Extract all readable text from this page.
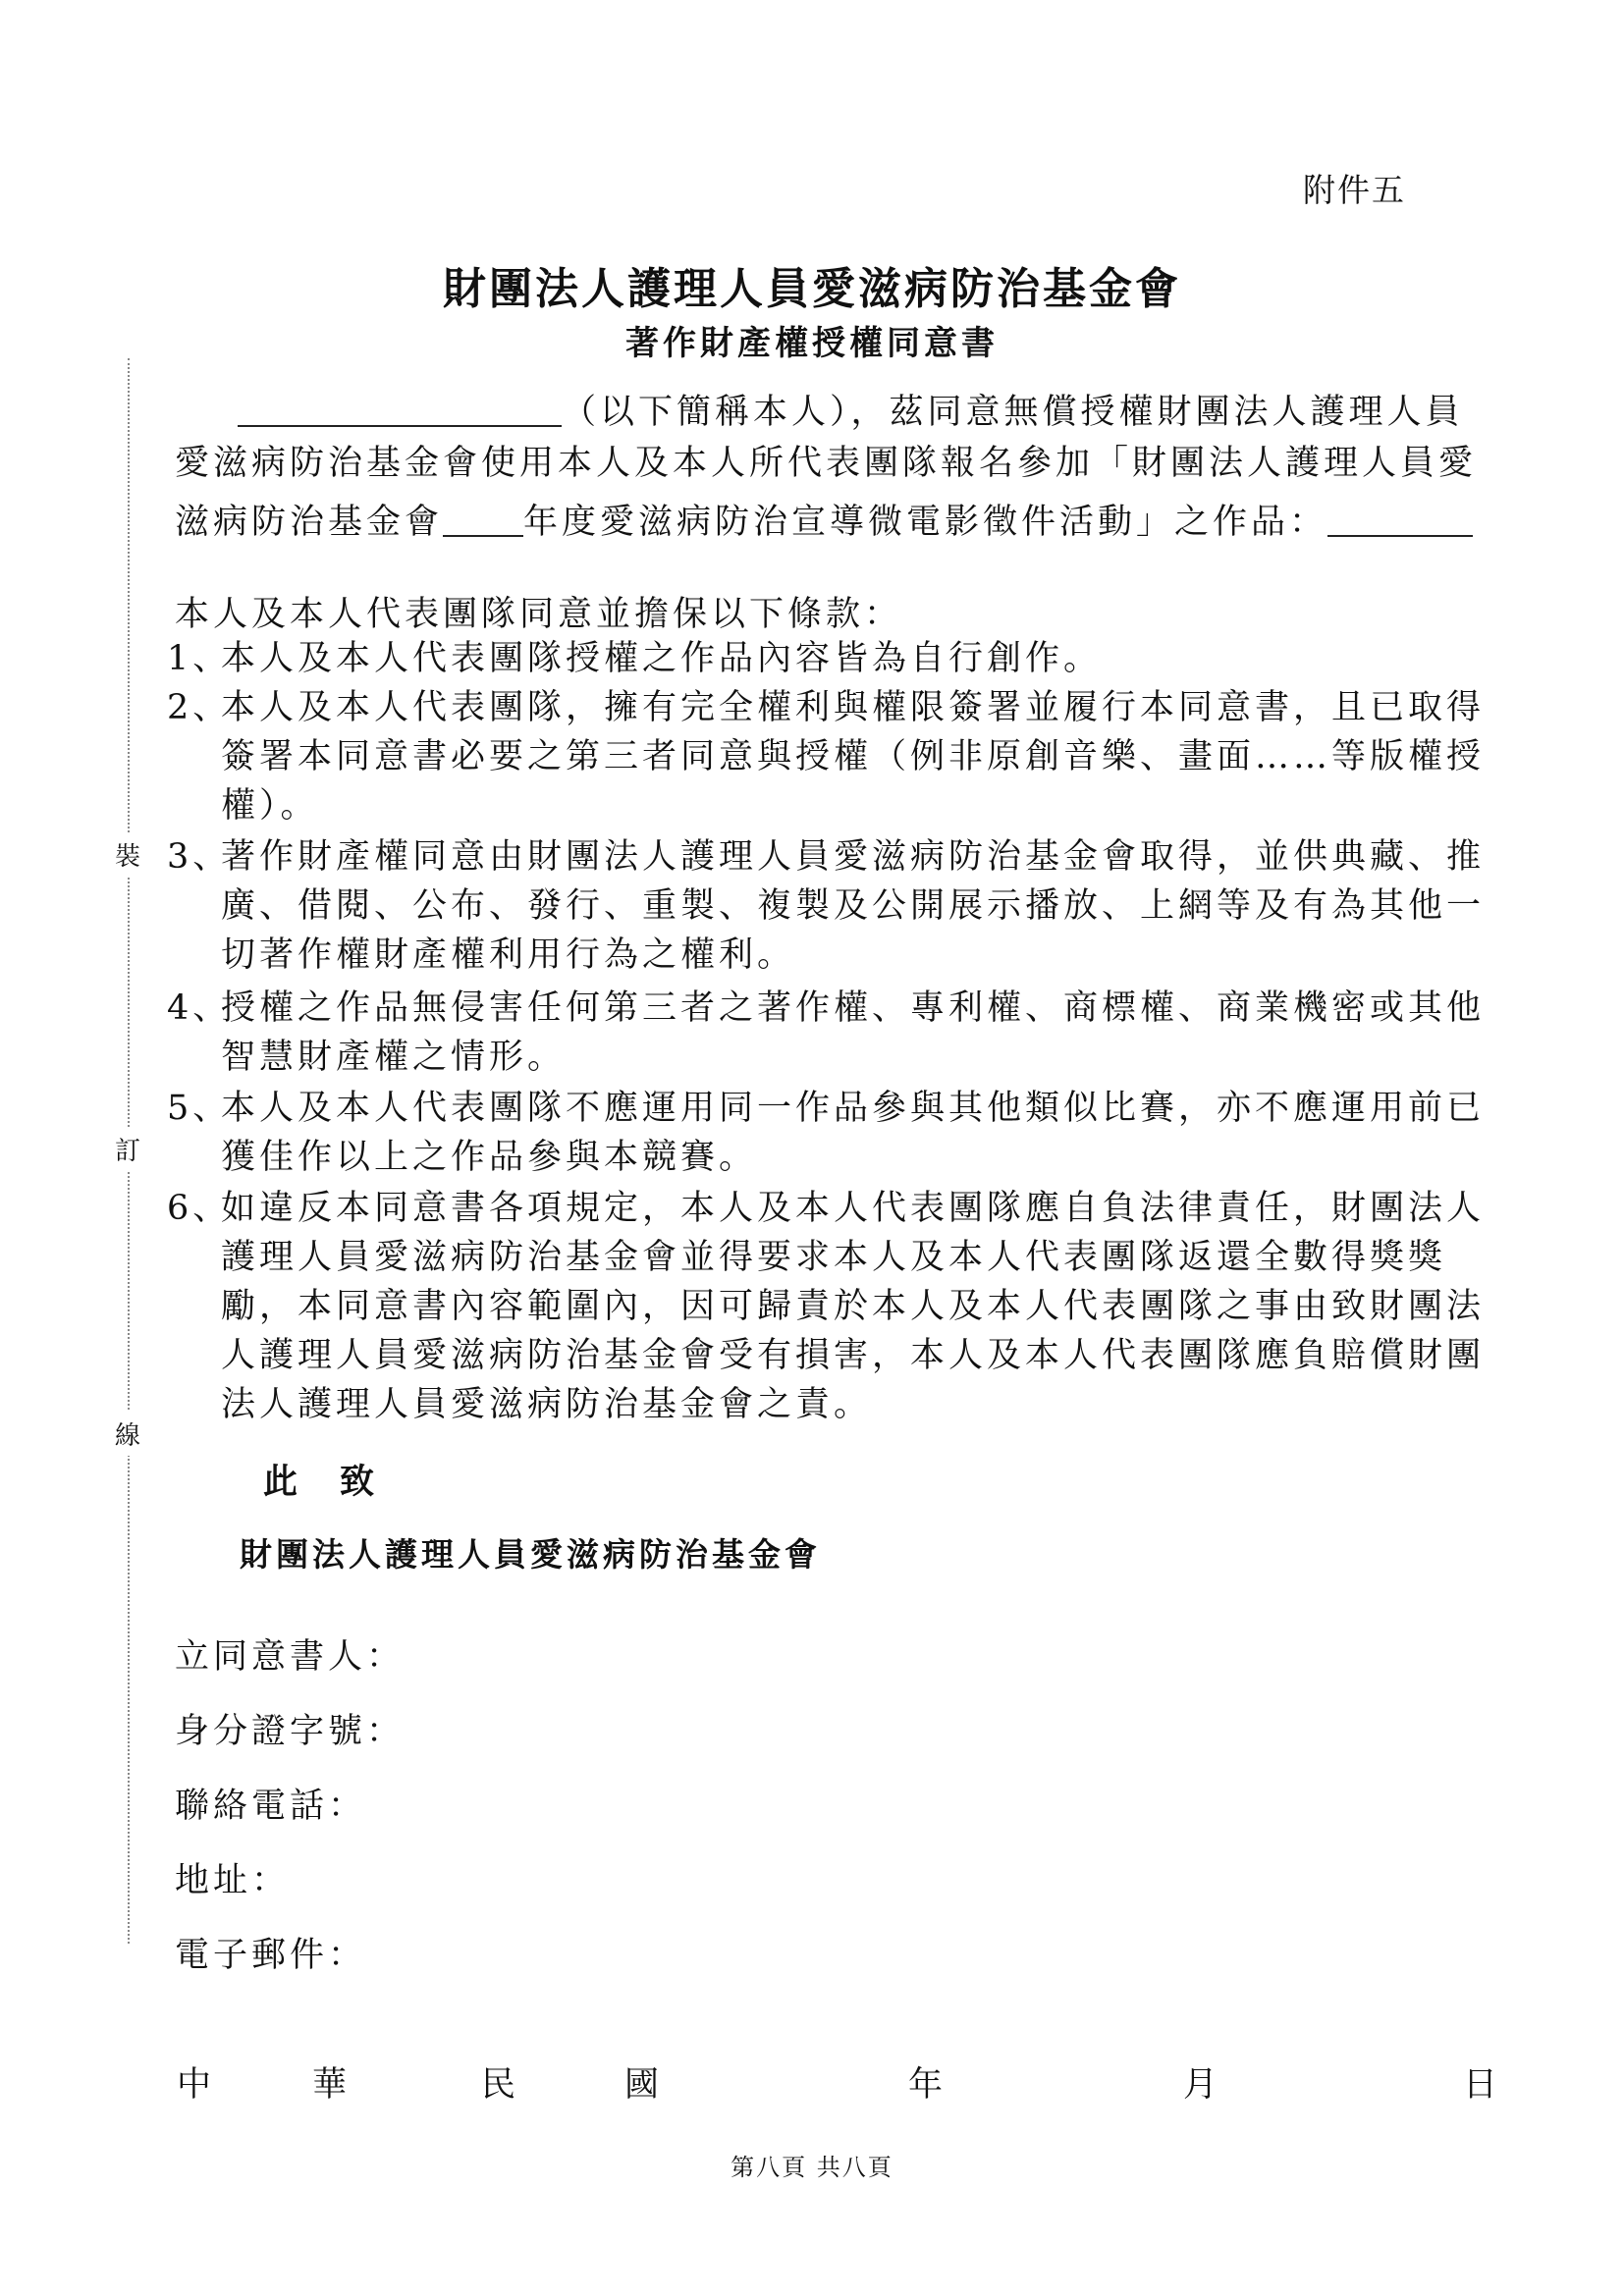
附件五
財團法人護理人員愛滋病防治基金會
著作財產權授權同意書
裝
訂
線
（以下簡稱本人），茲同意無償授權財團法人護理人員
愛滋病防治基金會使用本人及本人所代表團隊報名參加「財團法人護理人員愛
滋病防治基金會 年度愛滋病防治宣導微電影徵件活動」之作品：
本人及本人代表團隊同意並擔保以下條款：
1、
本人及本人代表團隊授權之作品內容皆為自行創作。
2、
本人及本人代表團隊，擁有完全權利與權限簽署並履行本同意書，且已取得簽署本同意書必要之第三者同意與授權（例非原創音樂、畫面……等版權授權）。
3、
著作財產權同意由財團法人護理人員愛滋病防治基金會取得，並供典藏、推廣、借閱、公布、發行、重製、複製及公開展示播放、上網等及有為其他一切著作權財產權利用行為之權利。
4、
授權之作品無侵害任何第三者之著作權、專利權、商標權、商業機密或其他智慧財產權之情形。
5、
本人及本人代表團隊不應運用同一作品參與其他類似比賽，亦不應運用前已獲佳作以上之作品參與本競賽。
6、
如違反本同意書各項規定，本人及本人代表團隊應自負法律責任，財團法人護理人員愛滋病防治基金會並得要求本人及本人代表團隊返還全數得獎獎勵，本同意書內容範圍內，因可歸責於本人及本人代表團隊之事由致財團法人護理人員愛滋病防治基金會受有損害，本人及本人代表團隊應負賠償財團法人護理人員愛滋病防治基金會之責。
此　致
財團法人護理人員愛滋病防治基金會
立同意書人：
身分證字號：
聯絡電話：
地址：
電子郵件：
中	華	民	國	年	月	日
第八頁 共八頁
